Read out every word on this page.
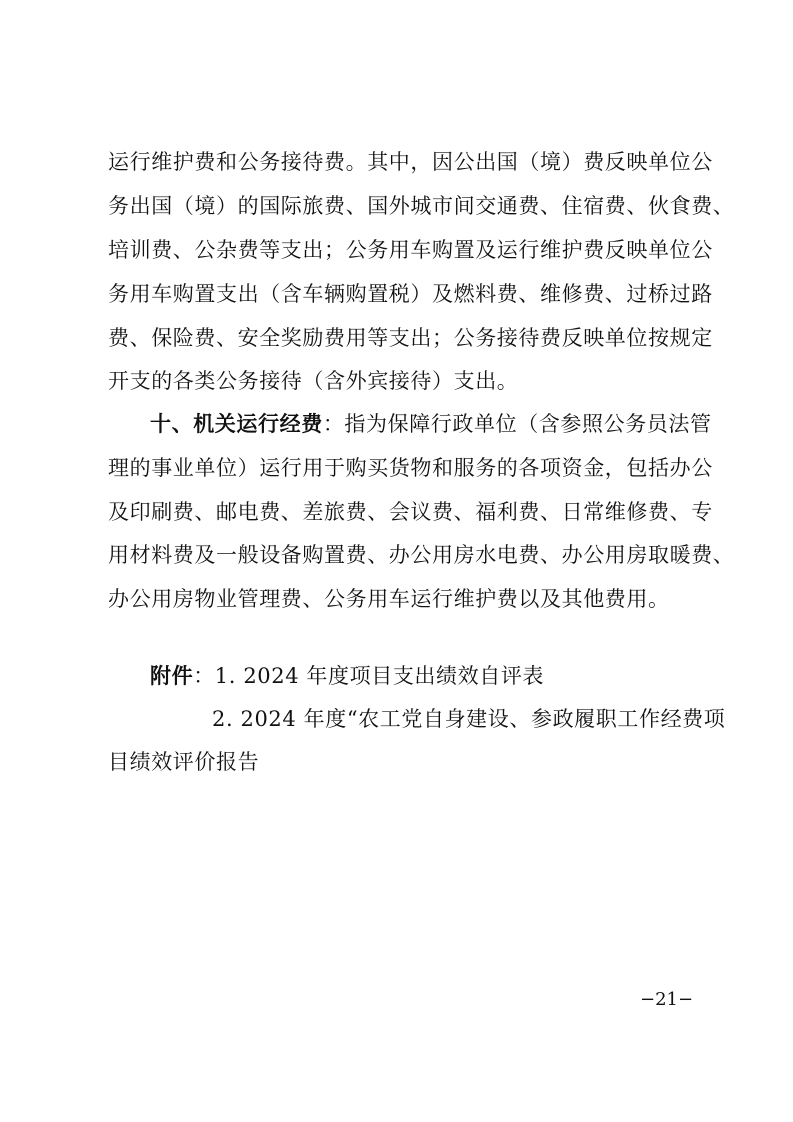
运行维护费和公务接待费。其中，因公出国（境）费反映单位公
务出国（境）的国际旅费、国外城市间交通费、住宿费、伙食费、
培训费、公杂费等支出；公务用车购置及运行维护费反映单位公
务用车购置支出（含车辆购置税）及燃料费、维修费、过桥过路
费、保险费、安全奖励费用等支出；公务接待费反映单位按规定
开支的各类公务接待（含外宾接待）支出。
十、机关运行经费：指为保障行政单位（含参照公务员法管
理的事业单位）运行用于购买货物和服务的各项资金，包括办公
及印刷费、邮电费、差旅费、会议费、福利费、日常维修费、专
用材料费及一般设备购置费、办公用房水电费、办公用房取暖费、
办公用房物业管理费、公务用车运行维护费以及其他费用。
附件：1. 2024 年度项目支出绩效自评表
2. 2024 年度“农工党自身建设、参政履职工作经费项
目绩效评价报告
−21−
